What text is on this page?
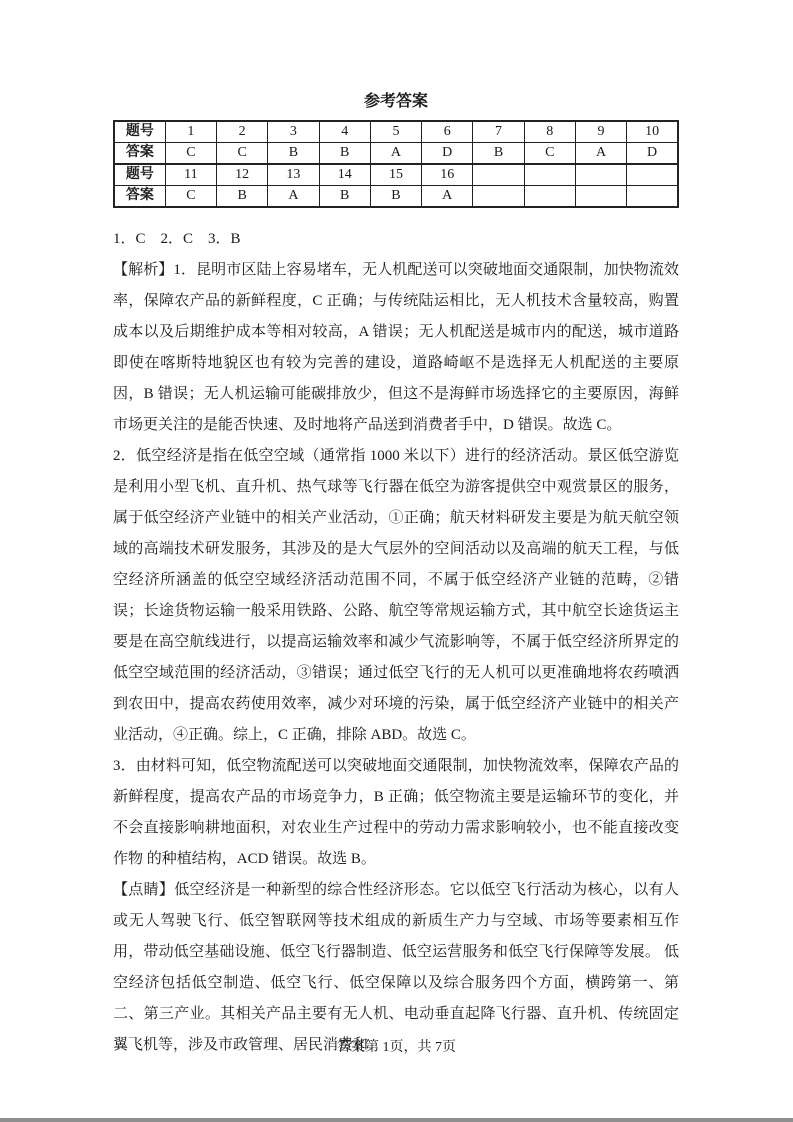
参考答案
题号	1	2	3	4	5	6	7	8	9	10
答案	C	C	B	B	A	D	B	C	A	D
题号	11	12	13	14	15	16				
答案	C	B	A	B	B	A				

1．C    2．C    3．B

【解析】1．昆明市区陆上容易堵车，无人机配送可以突破地面交通限制，加快物流效率，保障农产品的新鲜程度，C 正确；与传统陆运相比，无人机技术含量较高，购置成本以及后期维护成本等相对较高，A 错误；无人机配送是城市内的配送，城市道路即使在喀斯特地貌区也有较为完善的建设，道路崎岖不是选择无人机配送的主要原因，B 错误；无人机运输可能碳排放少，但这不是海鲜市场选择它的主要原因，海鲜市场更关注的是能否快速、及时地将产品送到消费者手中，D 错误。故选 C。

2．低空经济是指在低空空域（通常指 1000 米以下）进行的经济活动。景区低空游览是利用小型飞机、直升机、热气球等飞行器在低空为游客提供空中观赏景区的服务，属于低空经济产业链中的相关产业活动，①正确；航天材料研发主要是为航天航空领域的高端技术研发服务，其涉及的是大气层外的空间活动以及高端的航天工程，与低空经济所涵盖的低空空域经济活动范围不同，不属于低空经济产业链的范畴，②错误；长途货物运输一般采用铁路、公路、航空等常规运输方式，其中航空长途货运主要是在高空航线进行，以提高运输效率和减少气流影响等，不属于低空经济所界定的低空空域范围的经济活动，③错误；通过低空飞行的无人机可以更准确地将农药喷洒到农田中，提高农药使用效率，减少对环境的污染，属于低空经济产业链中的相关产业活动，④正确。综上，C 正确，排除 ABD。故选 C。

3．由材料可知，低空物流配送可以突破地面交通限制，加快物流效率，保障农产品的新鲜程度，提高农产品的市场竞争力，B 正确；低空物流主要是运输环节的变化，并不会直接影响耕地面积，对农业生产过程中的劳动力需求影响较小，也不能直接改变作物 的种植结构，ACD 错误。故选 B。

【点睛】低空经济是一种新型的综合性经济形态。它以低空飞行活动为核心，以有人或无人驾驶飞行、低空智联网等技术组成的新质生产力与空域、市场等要素相互作用，带动低空基础设施、低空飞行器制造、低空运营服务和低空飞行保障等发展。 低空经济包括低空制造、低空飞行、低空保障以及综合服务四个方面，横跨第一、第二、第三产业。其相关产品主要有无人机、电动垂直起降飞行器、直升机、传统固定翼飞机等，涉及市政管理、居民消费和

答案第 1页，共 7页
